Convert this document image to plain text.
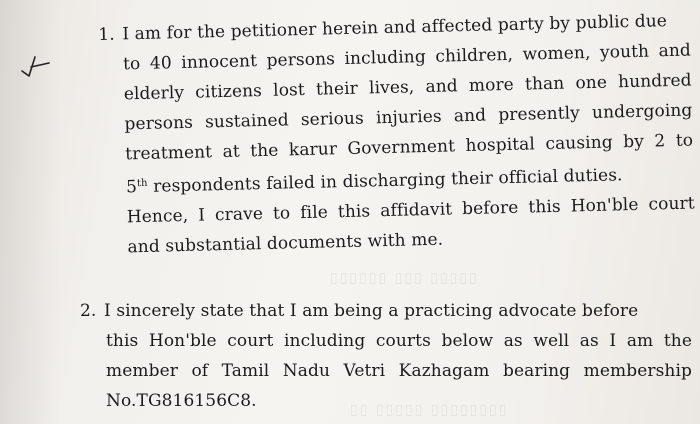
▯▯▯▯▯▯ ▯▯▯ ▯▯▯▯▯
▯▯ ▯▯▯▯▯ ▯▯▯▯▯▯▯▯
1. I am for the petitioner herein and affected party by public due
to 40 innocent persons including children, women, youth and
elderly citizens lost their lives, and more than one hundred
persons sustained serious injuries and presently undergoing
treatment at the karur Government hospital causing by 2 to
5th respondents failed in discharging their official duties.
Hence, I crave to file this affidavit before this Hon'ble court
and substantial documents with me.
2. I sincerely state that I am being a practicing advocate before
this Hon'ble court including courts below as well as I am the
member of Tamil Nadu Vetri Kazhagam bearing membership
No.TG816156C8.
